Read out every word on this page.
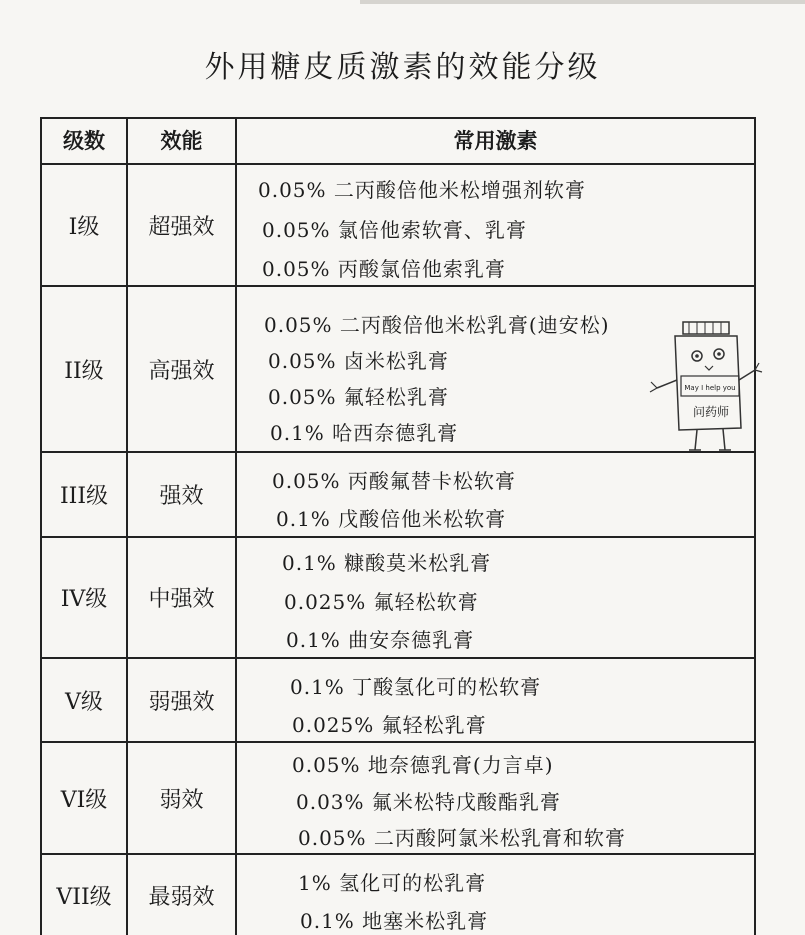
外用糖皮质激素的效能分级
级数	效能	常用激素
I级	超强效
0.05% 二丙酸倍他米松增强剂软膏
0.05% 氯倍他索软膏、乳膏
0.05% 丙酸氯倍他索乳膏
II级	高强效
0.05% 二丙酸倍他米松乳膏(迪安松)
0.05% 卤米松乳膏
0.05% 氟轻松乳膏
0.1% 哈西奈德乳膏
III级	强效
0.05% 丙酸氟替卡松软膏
0.1% 戊酸倍他米松软膏
IV级	中强效
0.1% 糠酸莫米松乳膏
0.025% 氟轻松软膏
0.1% 曲安奈德乳膏
V级	弱强效
0.1% 丁酸氢化可的松软膏
0.025% 氟轻松乳膏
VI级	弱效
0.05% 地奈德乳膏(力言卓)
0.03% 氟米松特戊酸酯乳膏
0.05% 二丙酸阿氯米松乳膏和软膏
VII级	最弱效
1% 氢化可的松乳膏
0.1% 地塞米松乳膏
May I help you
问药师
